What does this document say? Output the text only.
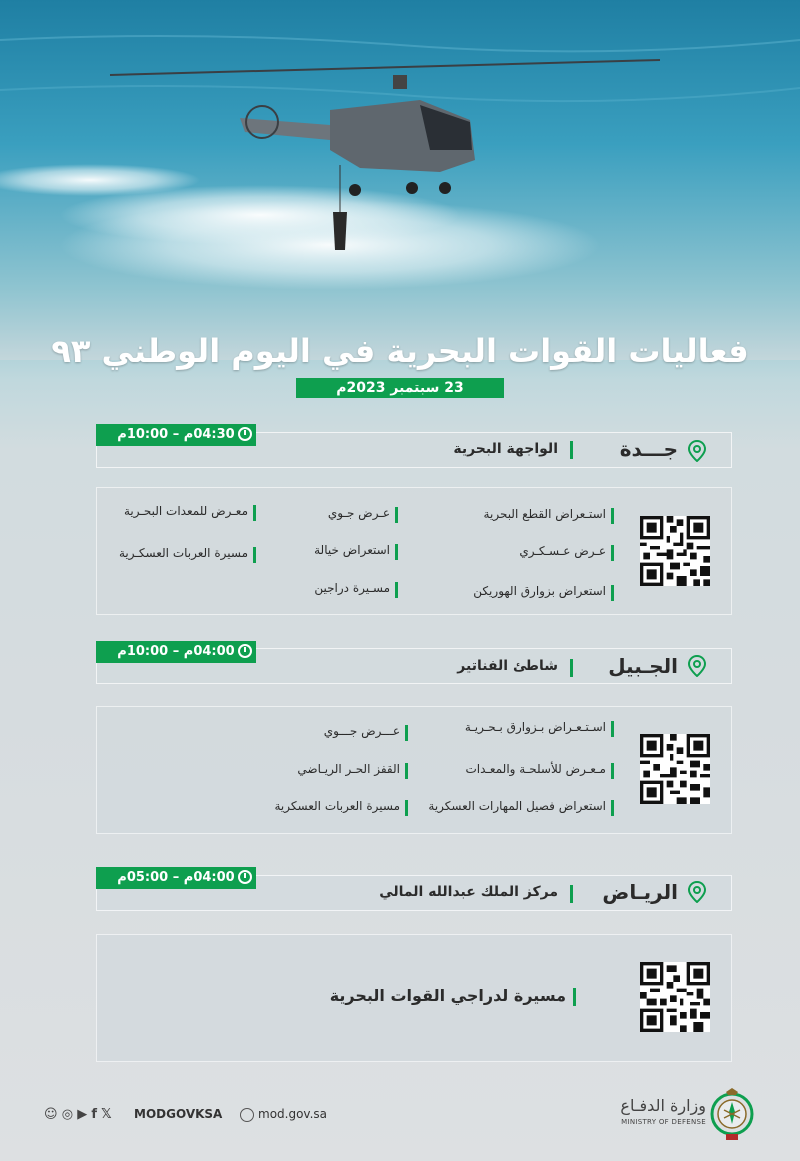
فعاليات القوات البحرية في اليوم الوطني ٩٣
23 سبتمبر 2023م
04:30م – 10:00م
جـــدة
الواجهة البحرية
استـعراض القطع البحرية
عـرض عـسـكـري
استعراض بزوارق الهوريكن
عـرض جـوي
استعراض خيالة
مسـيرة دراجين
معـرض للمعدات البحـرية
مسيرة العربات العسكـرية
04:00م – 10:00م
الجـبيل
شاطئ الفناتير
اسـتـعـراض بـزوارق بـحـريـة
مـعـرض للأسلحـة والمعـدات
استعراض فصيل المهارات العسكرية
عـــرض جـــوي
القفز الحـر الريـاضي
مسيرة العربات العسكرية
04:00م – 05:00م
الريـاض
مركز الملك عبدالله المالي
مسيرة لدراجي القوات البحرية
☺ ◎ ▶ f 𝕏 MODGOVKSA	mod.gov.sa	وزارة الدفـاع
MINISTRY OF DEFENSE
